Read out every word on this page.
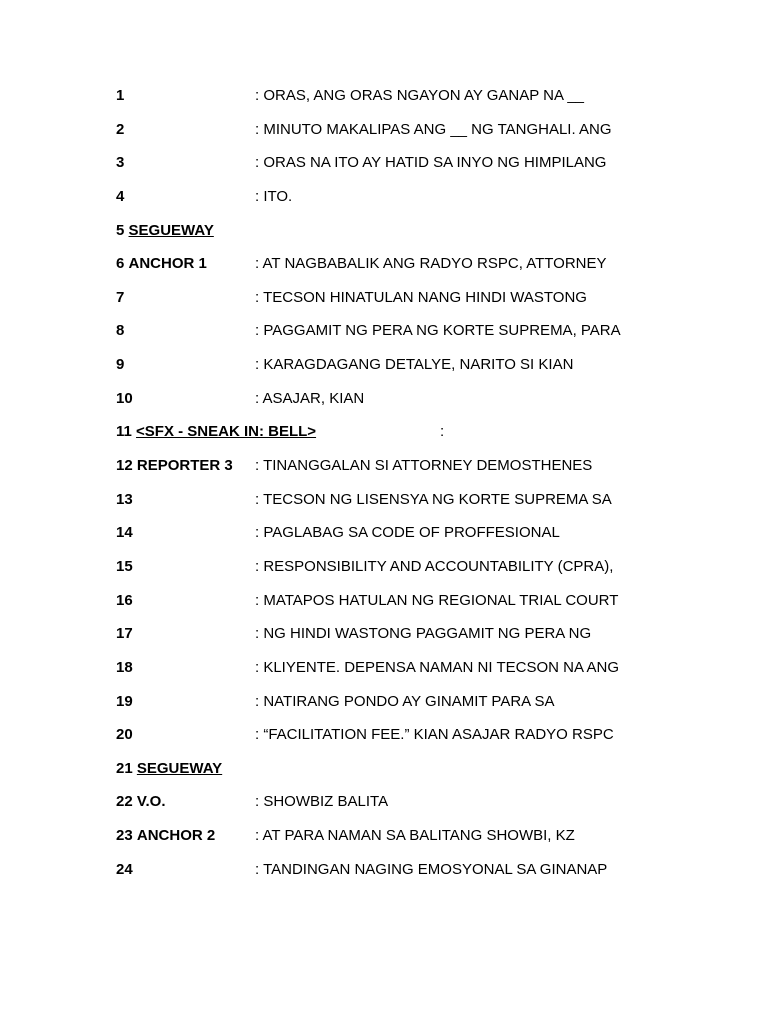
1	: ORAS, ANG ORAS NGAYON AY GANAP NA __
2	: MINUTO MAKALIPAS ANG __ NG TANGHALI. ANG
3	: ORAS NA ITO AY HATID SA INYO NG HIMPILANG
4	: ITO.
5 SEGUEWAY
6 ANCHOR 1	: AT NAGBABALIK ANG RADYO RSPC, ATTORNEY
7	: TECSON HINATULAN NANG HINDI WASTONG
8	: PAGGAMIT NG PERA NG KORTE SUPREMA, PARA
9	: KARAGDAGANG DETALYE, NARITO SI KIAN
10	: ASAJAR, KIAN
11 <SFX - SNEAK IN: BELL>	:
12 REPORTER 3 : TINANGGALAN SI ATTORNEY DEMOSTHENES
13	: TECSON NG LISENSYA NG KORTE SUPREMA SA
14	: PAGLABAG SA CODE OF PROFFESIONAL
15	: RESPONSIBILITY AND ACCOUNTABILITY (CPRA),
16	: MATAPOS HATULAN NG REGIONAL TRIAL COURT
17	: NG HINDI WASTONG PAGGAMIT NG PERA NG
18	: KLIYENTE. DEPENSA NAMAN NI TECSON NA ANG
19	: NATIRANG PONDO AY GINAMIT PARA SA
20	: “FACILITATION FEE.” KIAN ASAJAR RADYO RSPC
21 SEGUEWAY
22 V.O.	: SHOWBIZ BALITA
23 ANCHOR 2	: AT PARA NAMAN SA BALITANG SHOWBI, KZ
24	: TANDINGAN NAGING EMOSYONAL SA GINANAP
